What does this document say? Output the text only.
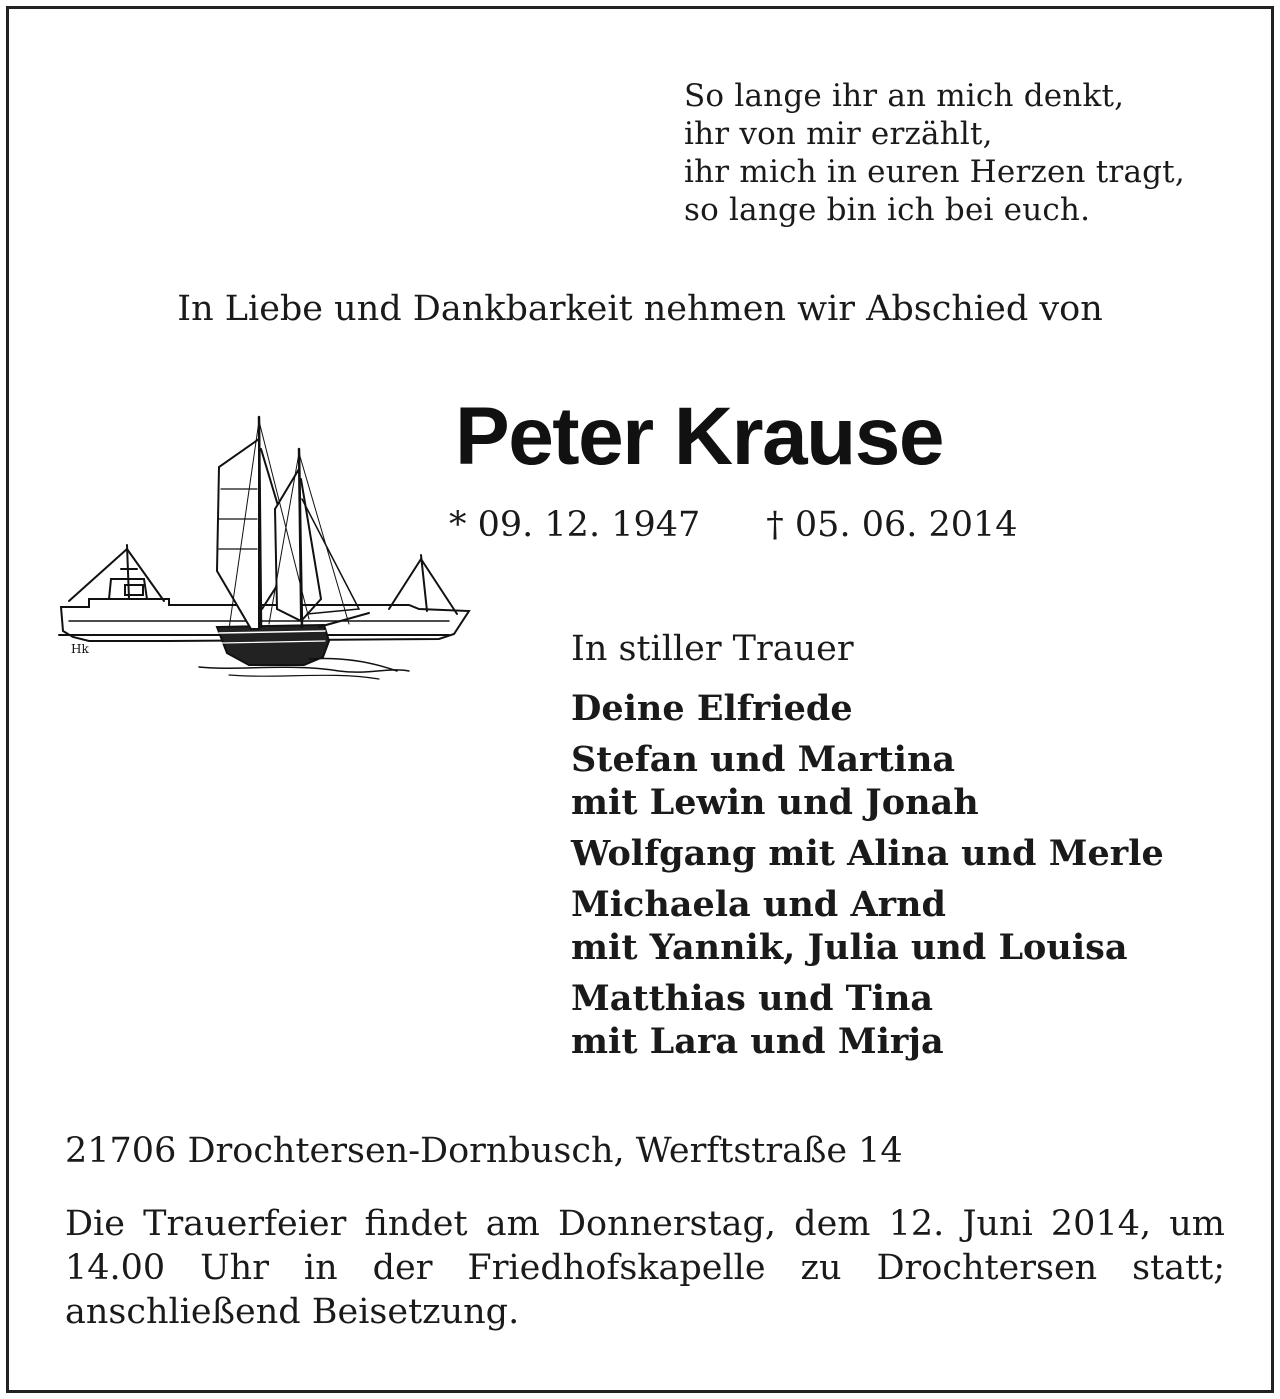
So lange ihr an mich denkt,
ihr von mir erzählt,
ihr mich in euren Herzen tragt,
so lange bin ich bei euch.
In Liebe und Dankbarkeit nehmen wir Abschied von
Hk
Peter Krause
* 09. 12. 1947 † 05. 06. 2014
In stiller Trauer
Deine Elfriede
Stefan und Martina
mit Lewin und Jonah
Wolfgang mit Alina und Merle
Michaela und Arnd
mit Yannik, Julia und Louisa
Matthias und Tina
mit Lara und Mirja
21706 Drochtersen-Dornbusch, Werftstraße 14
Die Trauerfeier findet am Donnerstag, dem 12. Juni 2014, um 14.00 Uhr in der Friedhofskapelle zu Drochtersen statt; anschließend Beisetzung.
